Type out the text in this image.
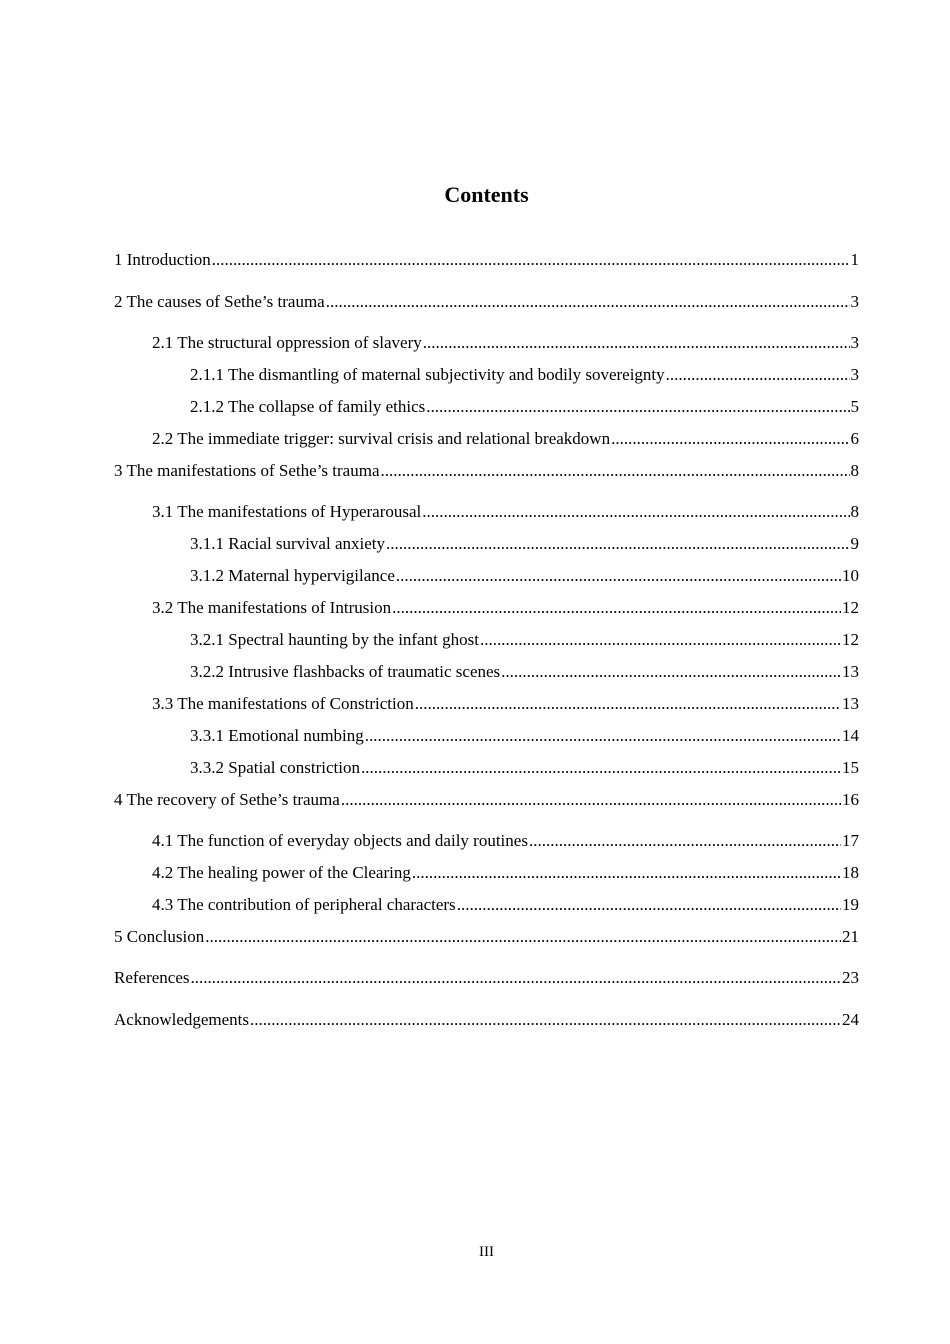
Contents
1 Introduction .....	1
2 The causes of Sethe’s trauma .....	3
2.1 The structural oppression of slavery .....	3
2.1.1 The dismantling of maternal subjectivity and bodily sovereignty .....	3
2.1.2 The collapse of family ethics .....	5
2.2 The immediate trigger: survival crisis and relational breakdown .....	6
3 The manifestations of Sethe’s trauma .....	8
3.1 The manifestations of Hyperarousal .....	8
3.1.1 Racial survival anxiety .....	9
3.1.2 Maternal hypervigilance .....	10
3.2 The manifestations of Intrusion .....	12
3.2.1 Spectral haunting by the infant ghost .....	12
3.2.2 Intrusive flashbacks of traumatic scenes .....	13
3.3 The manifestations of Constriction .....	13
3.3.1 Emotional numbing .....	14
3.3.2 Spatial constriction .....	15
4 The recovery of Sethe’s trauma .....	16
4.1 The function of everyday objects and daily routines .....	17
4.2 The healing power of the Clearing .....	18
4.3 The contribution of peripheral characters .....	19
5 Conclusion .....	21
References .....	23
Acknowledgements .....	24
III
